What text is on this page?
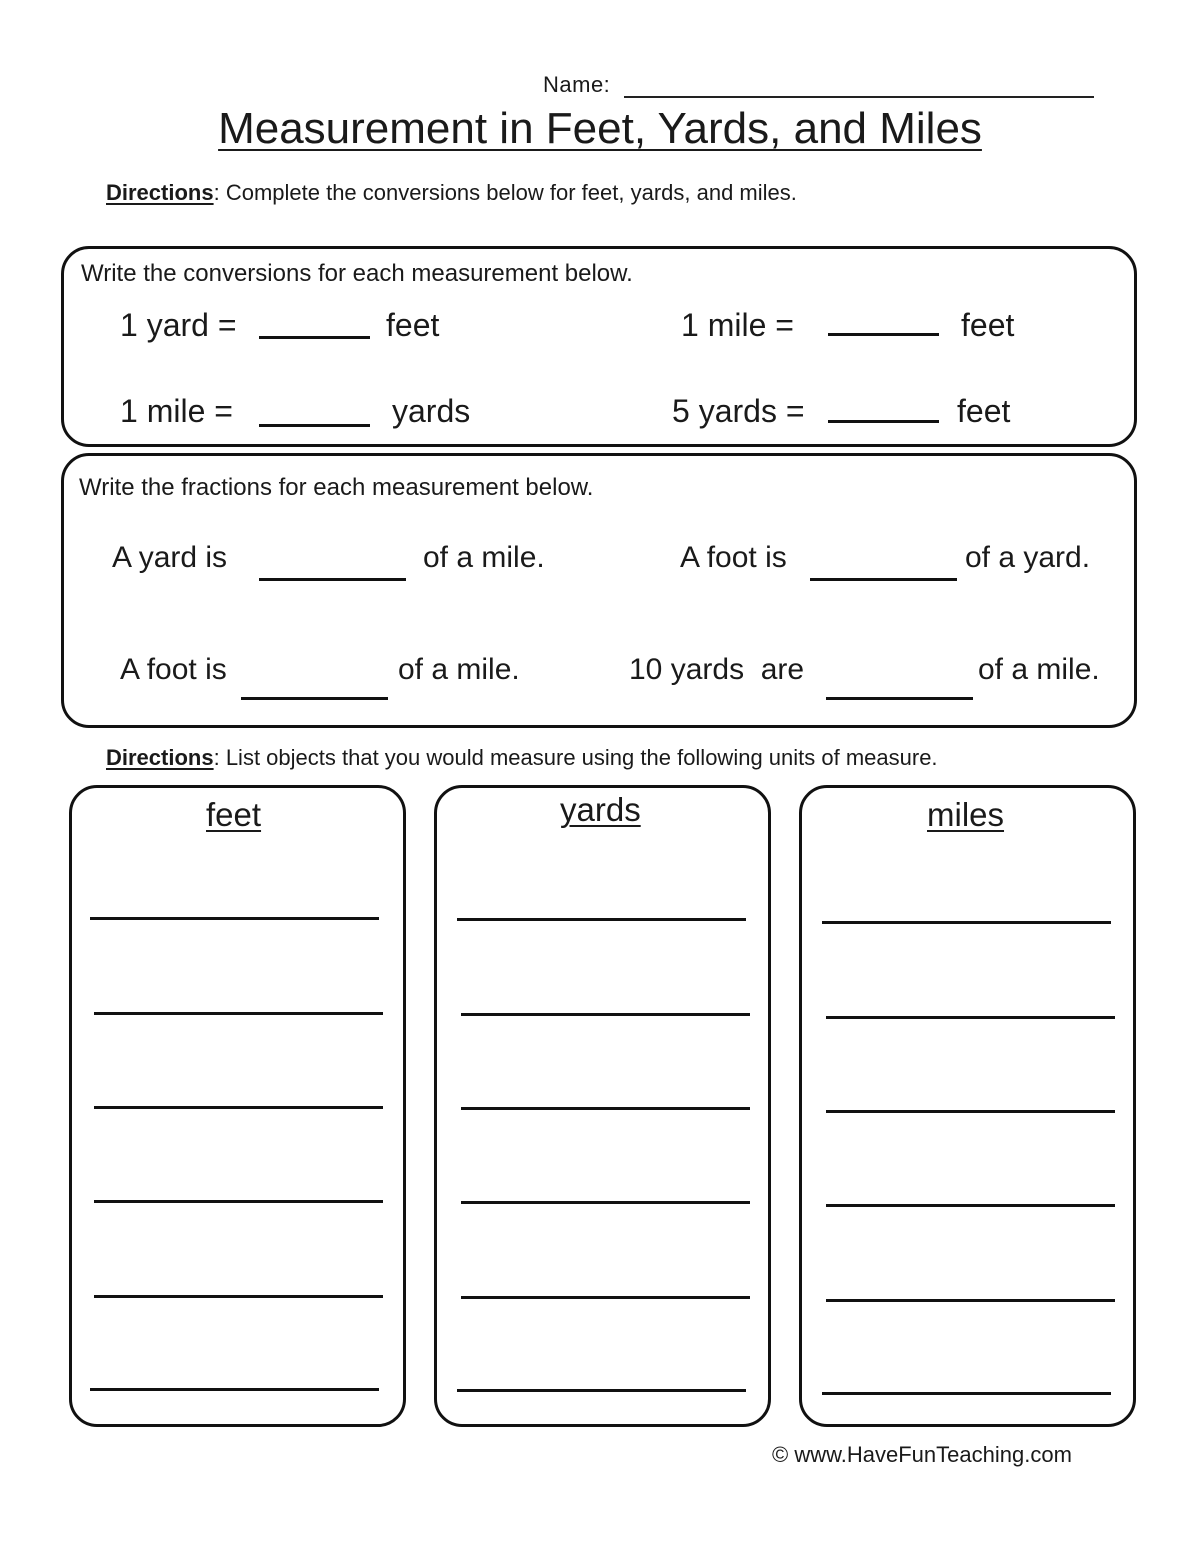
Name:
Measurement in Feet, Yards, and Miles
Directions: Complete the conversions below for feet, yards, and miles.
Write the conversions for each measurement below.
1 yard =	feet	1 mile =	feet
1 mile =	yards	5 yards =	feet
Write the fractions for each measurement below.
A yard is	of a mile.	A foot is	of a yard.
A foot is	of a mile.	10 yards  are	of a mile.
Directions: List objects that you would measure using the following units of measure.
feet	yards	miles
© www.HaveFunTeaching.com
